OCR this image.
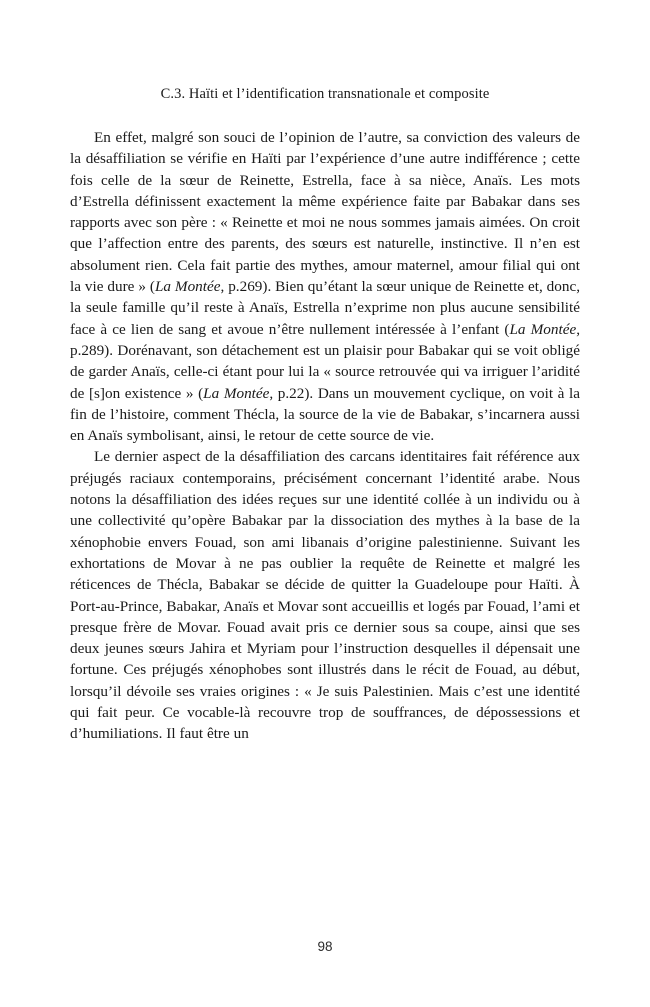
C.3. Haïti et l’identification transnationale et composite

En effet, malgré son souci de l’opinion de l’autre, sa conviction des valeurs de la désaffiliation se vérifie en Haïti par l’expérience d’une autre indifférence ; cette fois celle de la sœur de Reinette, Estrella, face à sa nièce, Anaïs. Les mots d’Estrella définissent exactement la même expérience faite par Babakar dans ses rapports avec son père : « Reinette et moi ne nous sommes jamais aimées. On croit que l’affection entre des parents, des sœurs est naturelle, instinctive. Il n’en est absolument rien. Cela fait partie des mythes, amour maternel, amour filial qui ont la vie dure » (La Montée, p.269). Bien qu’étant la sœur unique de Reinette et, donc, la seule famille qu’il reste à Anaïs, Estrella n’exprime non plus aucune sensibilité face à ce lien de sang et avoue n’être nullement intéressée à l’enfant (La Montée, p.289). Dorénavant, son détachement est un plaisir pour Babakar qui se voit obligé de garder Anaïs, celle-ci étant pour lui la « source retrouvée qui va irriguer l’aridité de [s]on existence » (La Montée, p.22). Dans un mouvement cyclique, on voit à la fin de l’histoire, comment Thécla, la source de la vie de Babakar, s’incarnera aussi en Anaïs symbolisant, ainsi, le retour de cette source de vie.

Le dernier aspect de la désaffiliation des carcans identitaires fait référence aux préjugés raciaux contemporains, précisément concernant l’identité arabe. Nous notons la désaffiliation des idées reçues sur une identité collée à un individu ou à une collectivité qu’opère Babakar par la dissociation des mythes à la base de la xénophobie envers Fouad, son ami libanais d’origine palestinienne. Suivant les exhortations de Movar à ne pas oublier la requête de Reinette et malgré les réticences de Thécla, Babakar se décide de quitter la Guadeloupe pour Haïti. À Port-au-Prince, Babakar, Anaïs et Movar sont accueillis et logés par Fouad, l’ami et presque frère de Movar. Fouad avait pris ce dernier sous sa coupe, ainsi que ses deux jeunes sœurs Jahira et Myriam pour l’instruction desquelles il dépensait une fortune. Ces préjugés xénophobes sont illustrés dans le récit de Fouad, au début, lorsqu’il dévoile ses vraies origines : « Je suis Palestinien. Mais c’est une identité qui fait peur. Ce vocable-là recouvre trop de souffrances, de dépossessions et d’humiliations. Il faut être un

98
